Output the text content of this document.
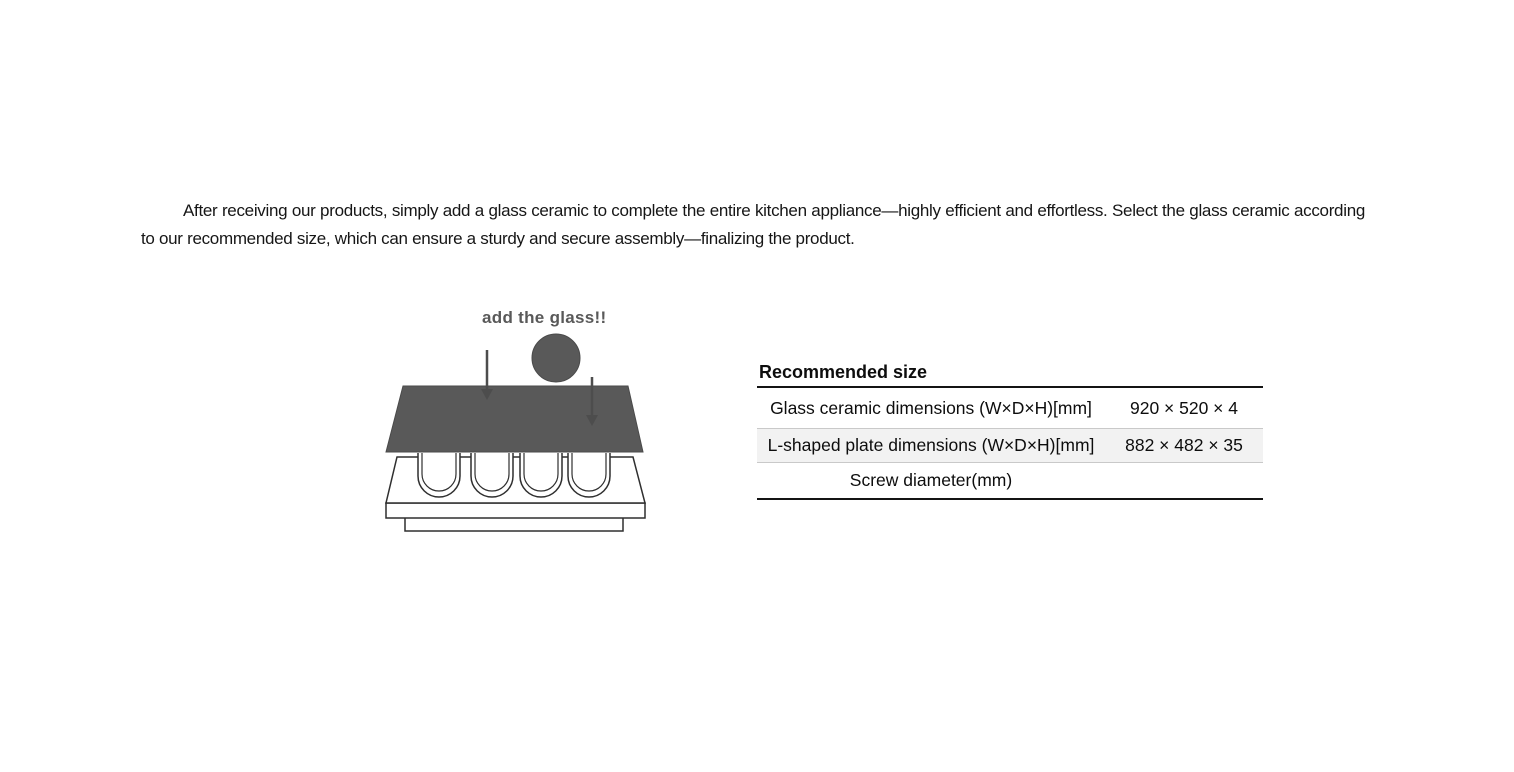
After receiving our products, simply add a glass ceramic to complete the entire kitchen appliance—highly efficient and effortless. Select the glass ceramic according to our recommended size, which can ensure a sturdy and secure assembly—finalizing the product.

add the glass!!
Recommended size
Glass ceramic dimensions (W×D×H)[mm]	920 × 520 × 4
L-shaped plate dimensions (W×D×H)[mm]	882 × 482 × 35
Screw diameter(mm)
